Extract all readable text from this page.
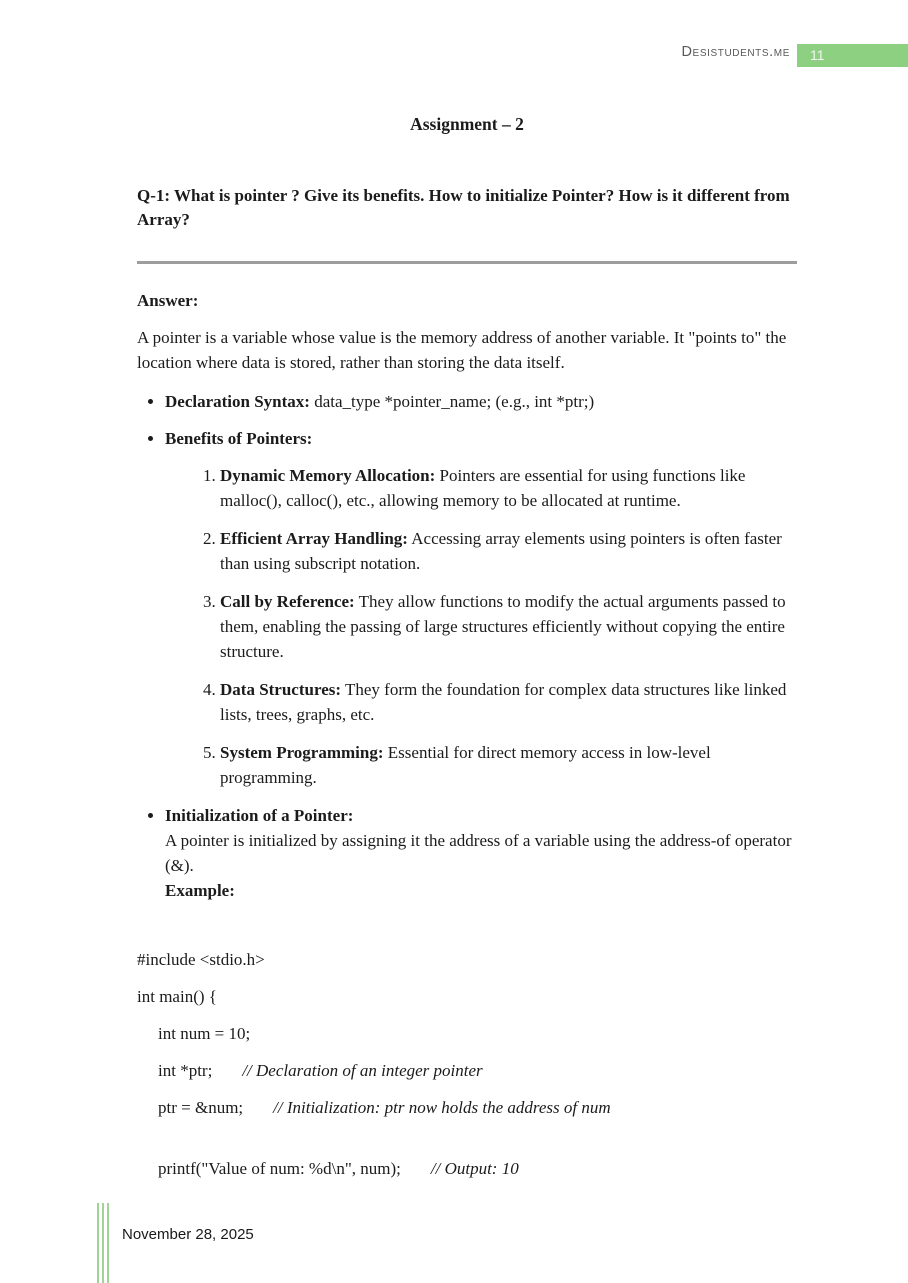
Desistudents.me	11
Assignment – 2
Q-1: What is pointer ? Give its benefits. How to initialize Pointer? How is it different from Array?
Answer:
A pointer is a variable whose value is the memory address of another variable. It "points to" the location where data is stored, rather than storing the data itself.
• Declaration Syntax: data_type *pointer_name; (e.g., int *ptr;)
• Benefits of Pointers:
1. Dynamic Memory Allocation: Pointers are essential for using functions like malloc(), calloc(), etc., allowing memory to be allocated at runtime.
2. Efficient Array Handling: Accessing array elements using pointers is often faster than using subscript notation.
3. Call by Reference: They allow functions to modify the actual arguments passed to them, enabling the passing of large structures efficiently without copying the entire structure.
4. Data Structures: They form the foundation for complex data structures like linked lists, trees, graphs, etc.
5. System Programming: Essential for direct memory access in low-level programming.
• Initialization of a Pointer:
A pointer is initialized by assigning it the address of a variable using the address-of operator (&).
Example:
#include <stdio.h>
int main() {
int num = 10;
int *ptr; // Declaration of an integer pointer
ptr = &num; // Initialization: ptr now holds the address of num
printf("Value of num: %d\n", num); // Output: 10
November 28, 2025
